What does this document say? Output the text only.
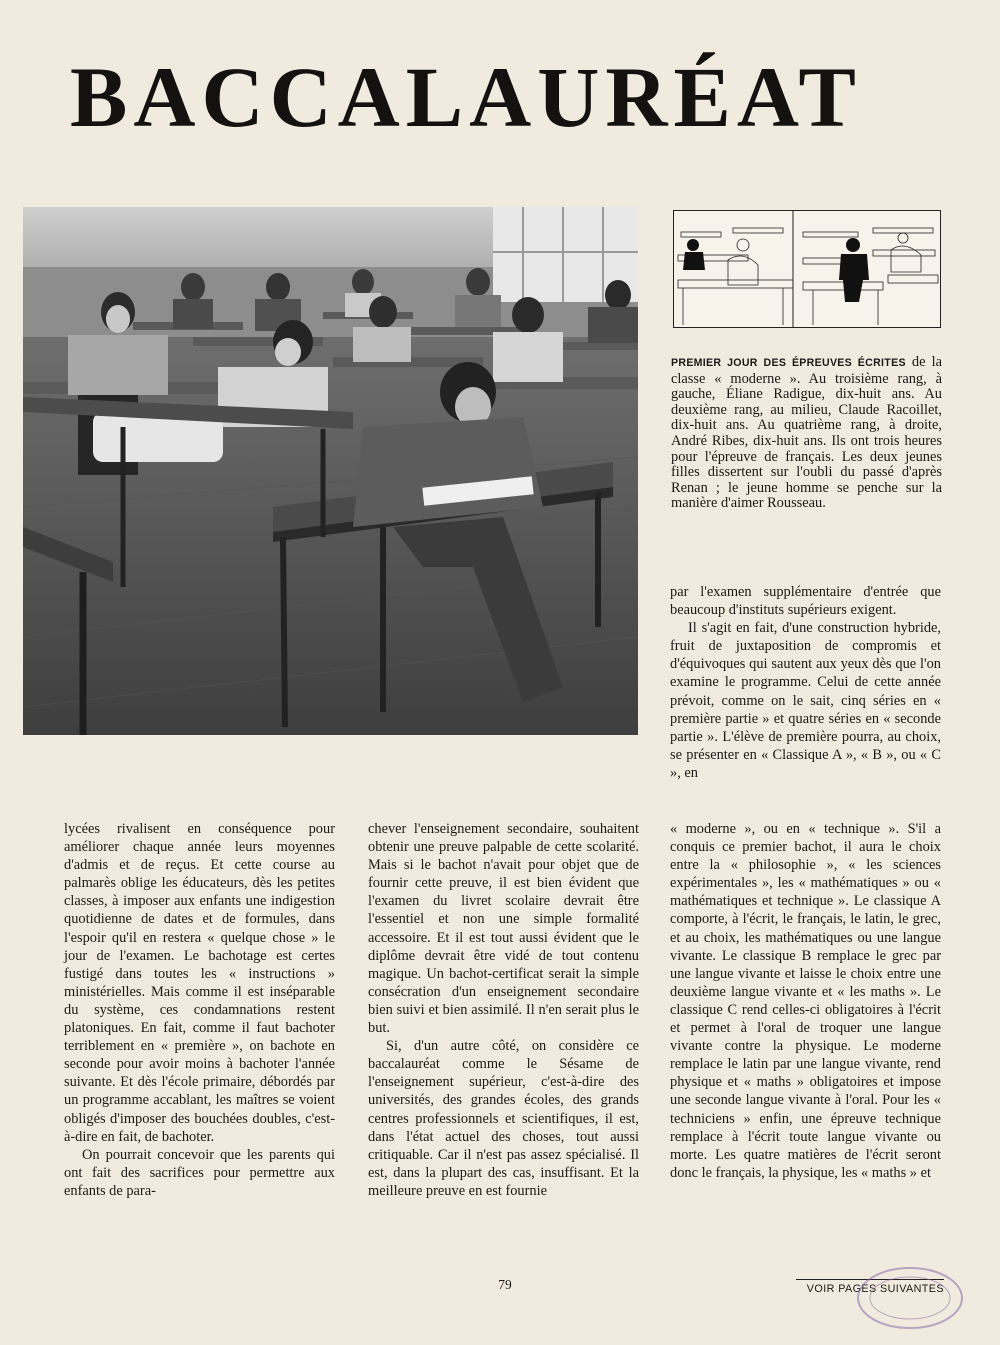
BACCALAURÉAT
PREMIER JOUR DES ÉPREUVES ÉCRITES de la classe « moderne ». Au troisième rang, à gauche, Éliane Radigue, dix-huit ans. Au deuxième rang, au milieu, Claude Racoillet, dix-huit ans. Au quatrième rang, à droite, André Ribes, dix-huit ans. Ils ont trois heures pour l'épreuve de français. Les deux jeunes filles dissertent sur l'oubli du passé d'après Renan ; le jeune homme se penche sur la manière d'aimer Rousseau.

lycées rivalisent en conséquence pour améliorer chaque année leurs moyennes d'admis et de reçus. Et cette course au palmarès oblige les éducateurs, dès les petites classes, à imposer aux enfants une indigestion quotidienne de dates et de formules, dans l'espoir qu'il en restera « quelque chose » le jour de l'examen. Le bachotage est certes fustigé dans toutes les « instructions » ministérielles. Mais comme il est inséparable du système, ces condamnations restent platoniques. En fait, comme il faut bachoter terriblement en « première », on bachote en seconde pour avoir moins à bachoter l'année suivante. Et dès l'école primaire, débordés par un programme accablant, les maîtres se voient obligés d'imposer des bouchées doubles, c'est-à-dire en fait, de bachoter.

On pourrait concevoir que les parents qui ont fait des sacrifices pour permettre aux enfants de para-

chever l'enseignement secondaire, souhaitent obtenir une preuve palpable de cette scolarité. Mais si le bachot n'avait pour objet que de fournir cette preuve, il est bien évident que l'examen du livret scolaire devrait être l'essentiel et non une simple formalité accessoire. Et il est tout aussi évident que le diplôme devrait être vidé de tout contenu magique. Un bachot-certificat serait la simple consécration d'un enseignement secondaire bien suivi et bien assimilé. Il n'en serait plus le but.

Si, d'un autre côté, on considère ce baccalauréat comme le Sésame de l'enseignement supérieur, c'est-à-dire des universités, des grandes écoles, des grands centres professionnels et scientifiques, il est, dans l'état actuel des choses, tout aussi critiquable. Car il n'est pas assez spécialisé. Il est, dans la plupart des cas, insuffisant. Et la meilleure preuve en est fournie

par l'examen supplémentaire d'entrée que beaucoup d'instituts supérieurs exigent.

Il s'agit en fait, d'une construction hybride, fruit de juxtaposition de compromis et d'équivoques qui sautent aux yeux dès que l'on examine le programme. Celui de cette année prévoit, comme on le sait, cinq séries en « première partie » et quatre séries en « seconde partie ». L'élève de première pourra, au choix, se présenter en « Classique A », « B », ou « C », en

« moderne », ou en « technique ». S'il a conquis ce premier bachot, il aura le choix entre la « philosophie », « les sciences expérimentales », les « mathématiques » ou « mathématiques et technique ». Le classique A comporte, à l'écrit, le français, le latin, le grec, et au choix, les mathématiques ou une langue vivante. Le classique B remplace le grec par une langue vivante et laisse le choix entre une deuxième langue vivante et « les maths ». Le classique C rend celles-ci obligatoires à l'écrit et permet à l'oral de troquer une langue vivante contre la physique. Le moderne remplace le latin par une langue vivante, rend physique et « maths » obligatoires et impose une seconde langue vivante à l'oral. Pour les « techniciens » enfin, une épreuve technique remplace à l'écrit toute langue vivante ou morte. Les quatre matières de l'écrit seront donc le français, la physique, les « maths » et

79	VOIR PAGES SUIVANTES
